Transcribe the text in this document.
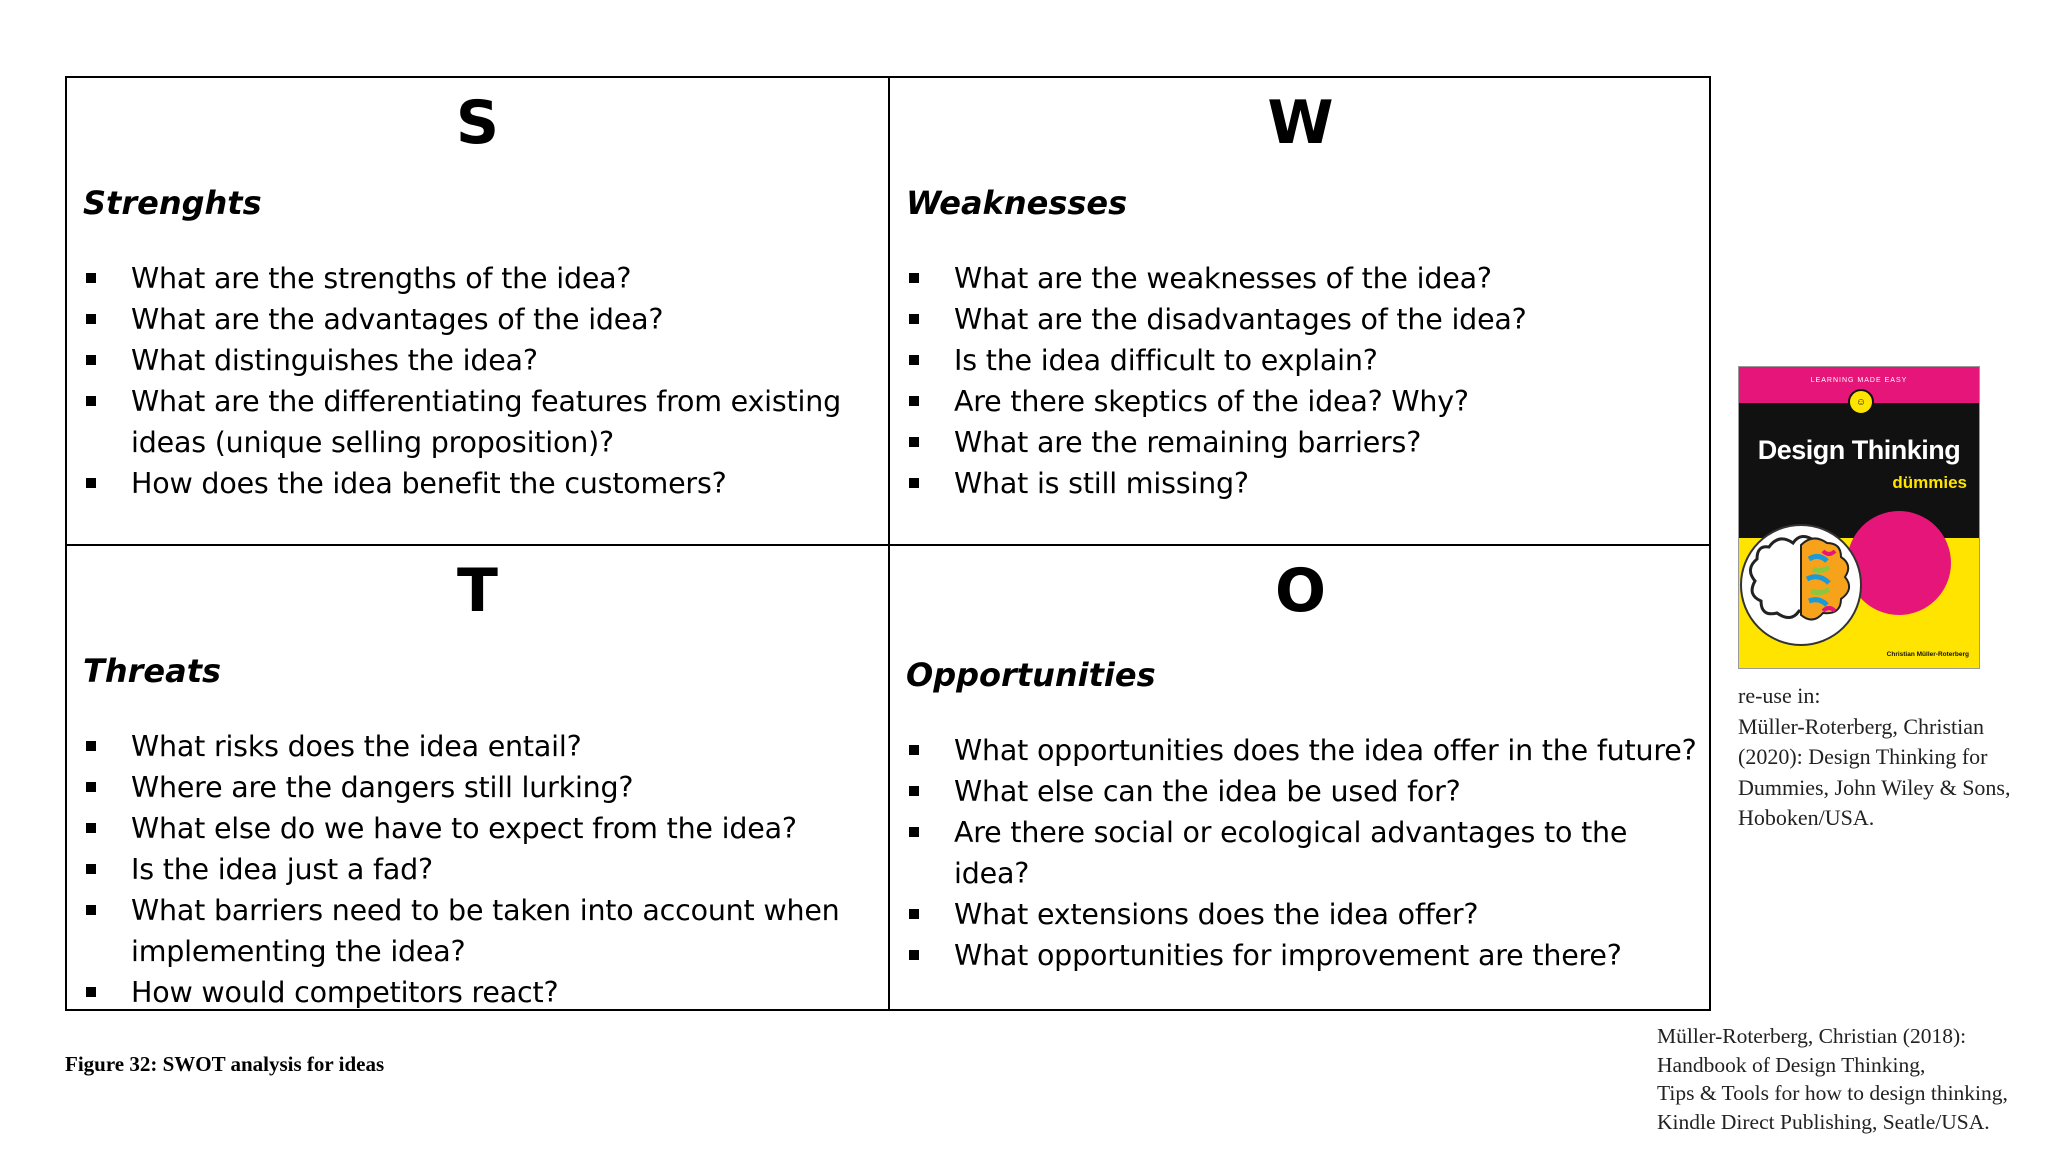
S
Strenghts
What are the strengths of the idea?
What are the advantages of the idea?
What distinguishes the idea?
What are the differentiating features from existing ideas (unique selling proposition)?
How does the idea benefit the customers?
W
Weaknesses
What are the weaknesses of the idea?
What are the disadvantages of the idea?
Is the idea difficult to explain?
Are there skeptics of the idea? Why?
What are the remaining barriers?
What is still missing?
T
Threats
What risks does the idea entail?
Where are the dangers still lurking?
What else do we have to expect from the idea?
Is the idea just a fad?
What barriers need to be taken into account when implementing the idea?
How would competitors react?
O
Opportunities
What opportunities does the idea offer in the future?
What else can the idea be used for?
Are there social or ecological advantages to the idea?
What extensions does the idea offer?
What opportunities for improvement are there?
Figure 32: SWOT analysis for ideas
LEARNING MADE EASY
☺
Design Thinking
dümmies
Christian Müller-Roterberg
re-use in:
Müller-Roterberg, Christian
(2020): Design Thinking for
Dummies, John Wiley & Sons,
Hoboken/USA.
Müller-Roterberg, Christian (2018):
Handbook of Design Thinking,
Tips & Tools for how to design thinking,
Kindle Direct Publishing, Seatle/USA.
